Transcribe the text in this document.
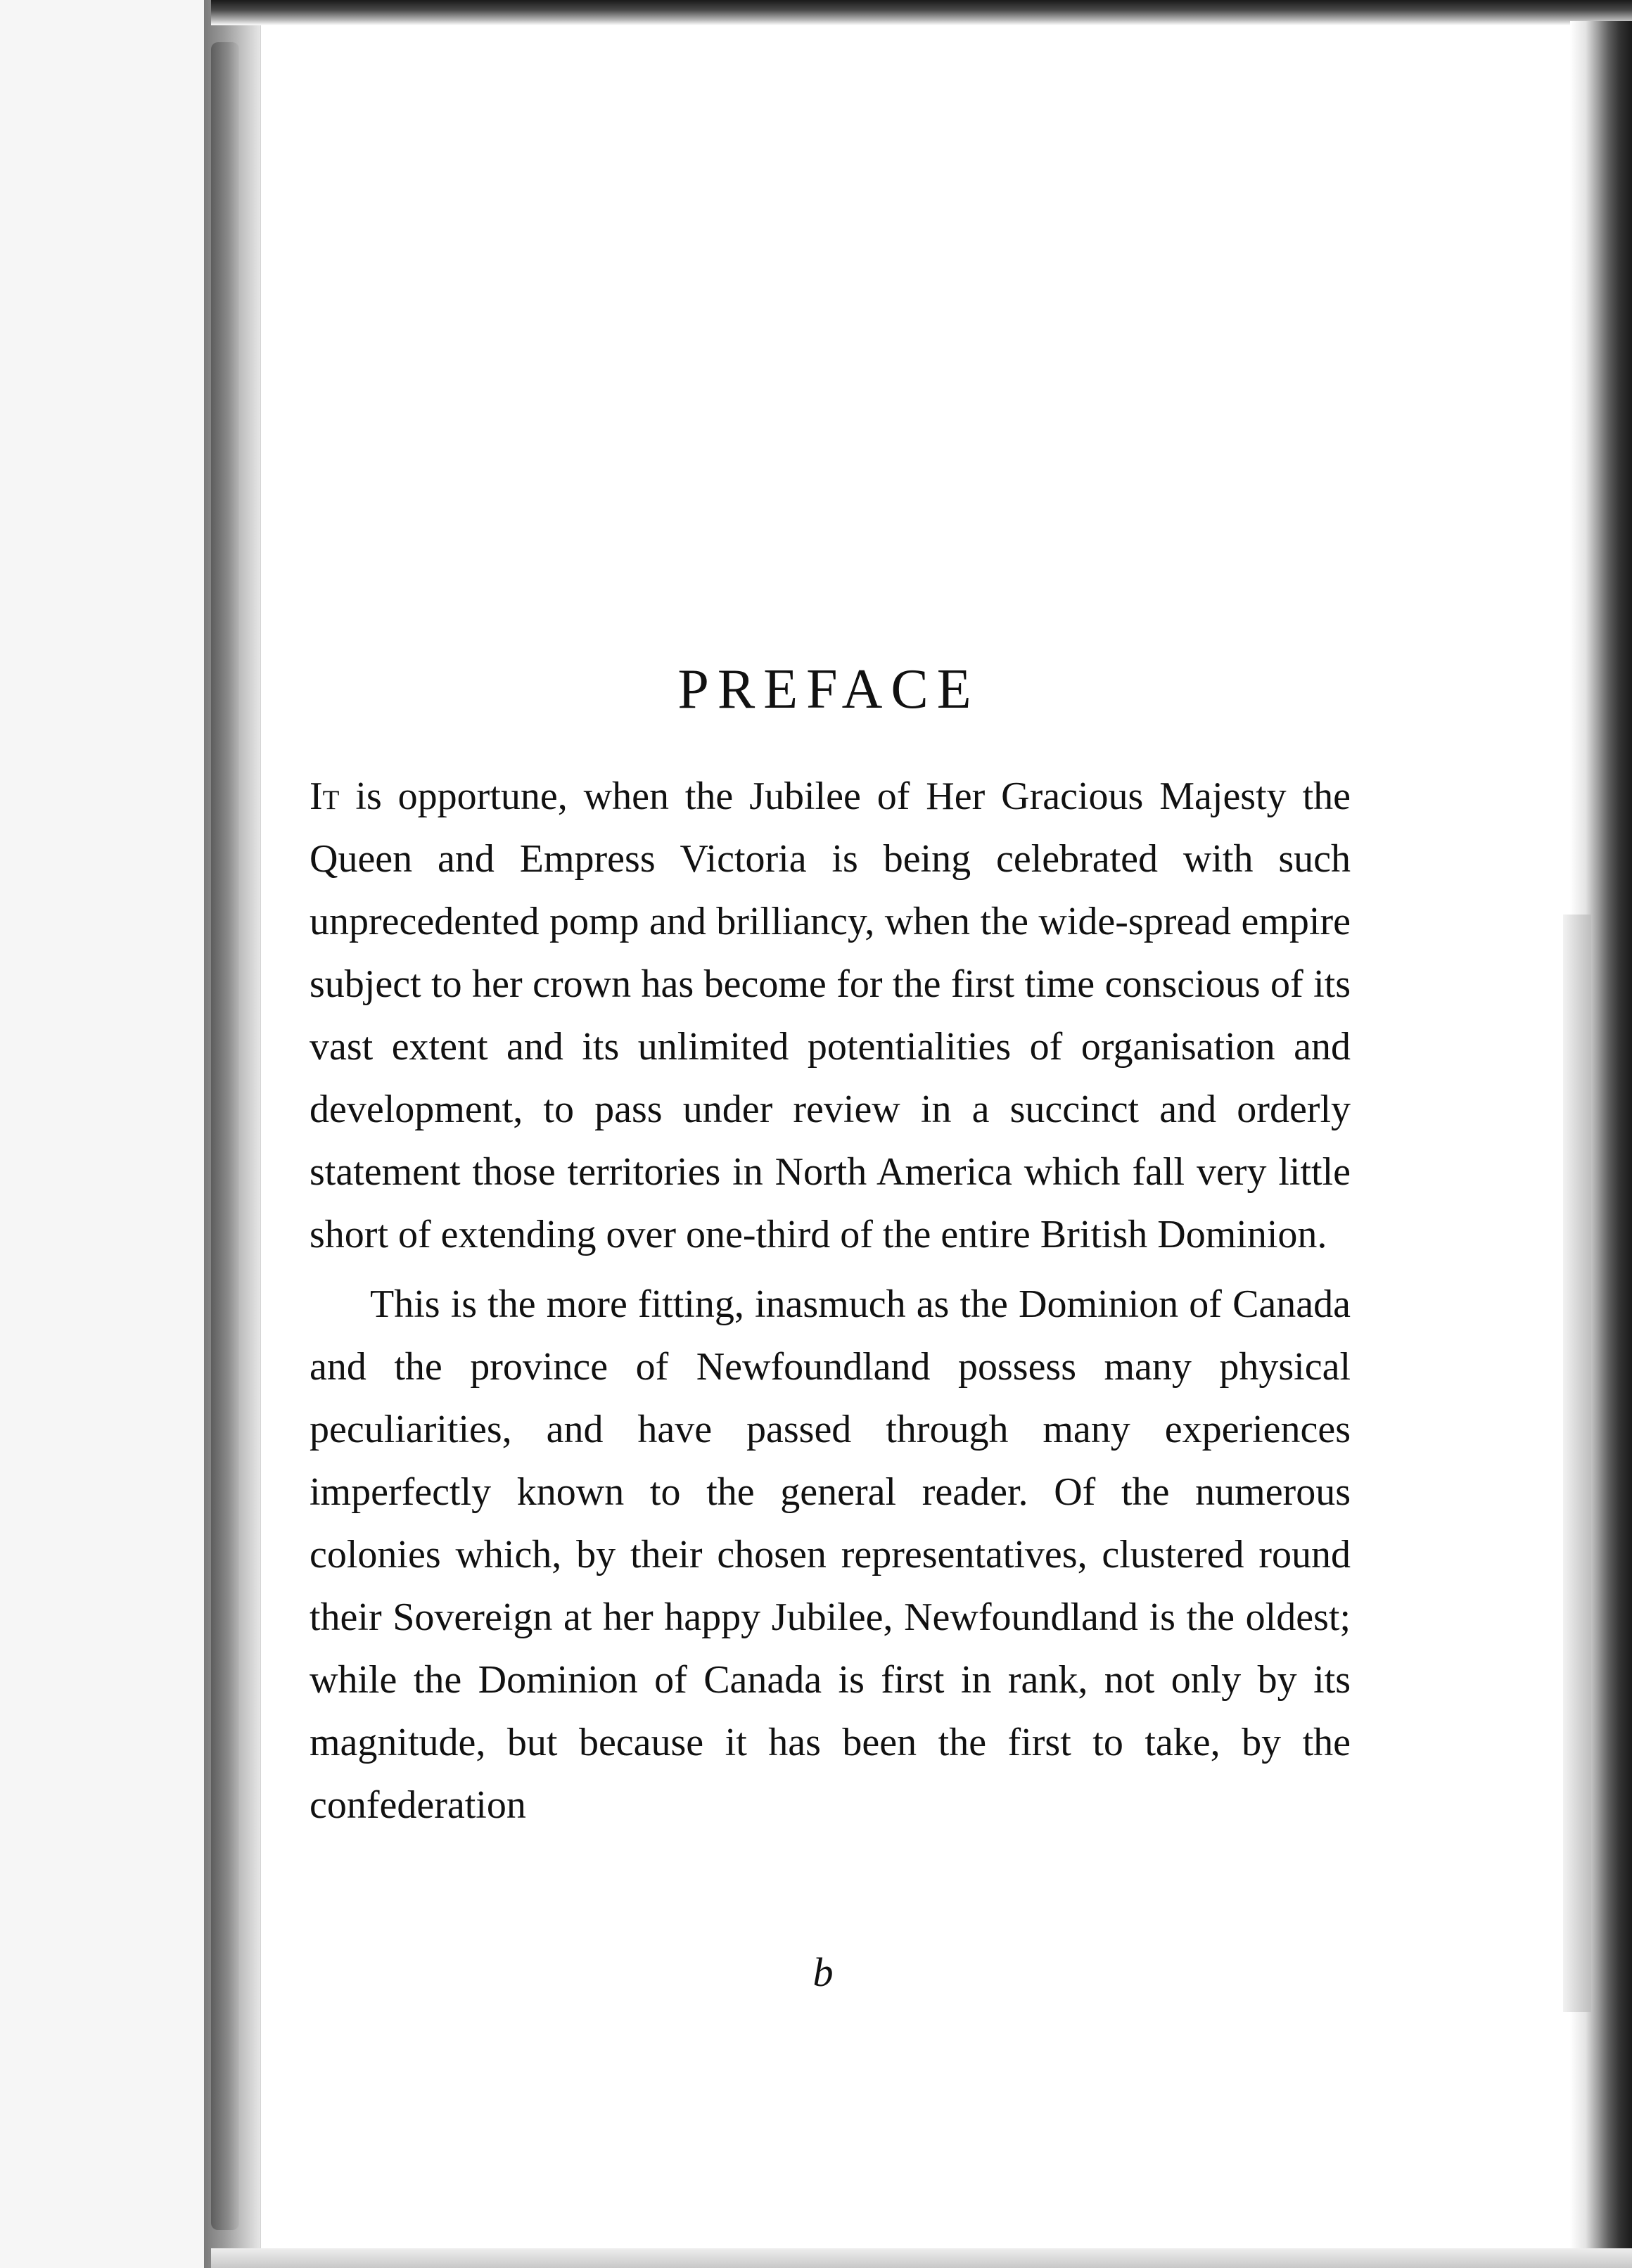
PREFACE

It is opportune, when the Jubilee of Her Gracious Majesty the Queen and Empress Victoria is being celebrated with such unprecedented pomp and brilliancy, when the wide-spread empire subject to her crown has become for the first time conscious of its vast extent and its unlimited potentialities of organisation and development, to pass under review in a succinct and orderly statement those territories in North America which fall very little short of extending over one-third of the entire British Dominion.

This is the more fitting, inasmuch as the Dominion of Canada and the province of Newfoundland possess many physical peculiarities, and have passed through many experiences imperfectly known to the general reader. Of the numerous colonies which, by their chosen representatives, clustered round their Sovereign at her happy Jubilee, Newfoundland is the oldest; while the Dominion of Canada is first in rank, not only by its magnitude, but because it has been the first to take, by the confederation

b
